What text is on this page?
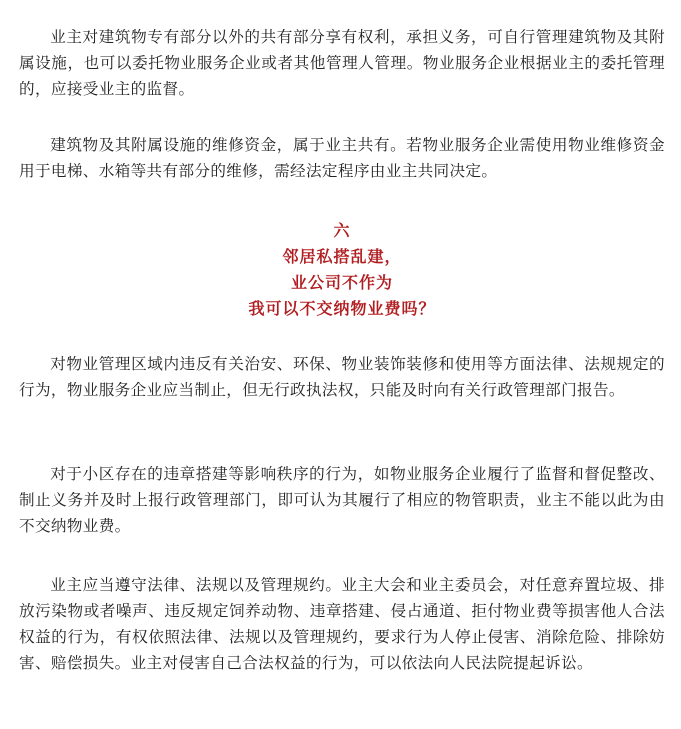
业主对建筑物专有部分以外的共有部分享有权利，承担义务，可自行管理建筑物及其附属设施，也可以委托物业服务企业或者其他管理人管理。物业服务企业根据业主的委托管理的，应接受业主的监督。

建筑物及其附属设施的维修资金，属于业主共有。若物业服务企业需使用物业维修资金用于电梯、水箱等共有部分的维修，需经法定程序由业主共同决定。

六
邻居私搭乱建，
业公司不作为
我可以不交纳物业费吗？

对物业管理区域内违反有关治安、环保、物业装饰装修和使用等方面法律、法规规定的行为，物业服务企业应当制止，但无行政执法权，只能及时向有关行政管理部门报告。

对于小区存在的违章搭建等影响秩序的行为，如物业服务企业履行了监督和督促整改、制止义务并及时上报行政管理部门，即可认为其履行了相应的物管职责，业主不能以此为由不交纳物业费。

业主应当遵守法律、法规以及管理规约。业主大会和业主委员会，对任意弃置垃圾、排放污染物或者噪声、违反规定饲养动物、违章搭建、侵占通道、拒付物业费等损害他人合法权益的行为，有权依照法律、法规以及管理规约，要求行为人停止侵害、消除危险、排除妨害、赔偿损失。业主对侵害自己合法权益的行为，可以依法向人民法院提起诉讼。
